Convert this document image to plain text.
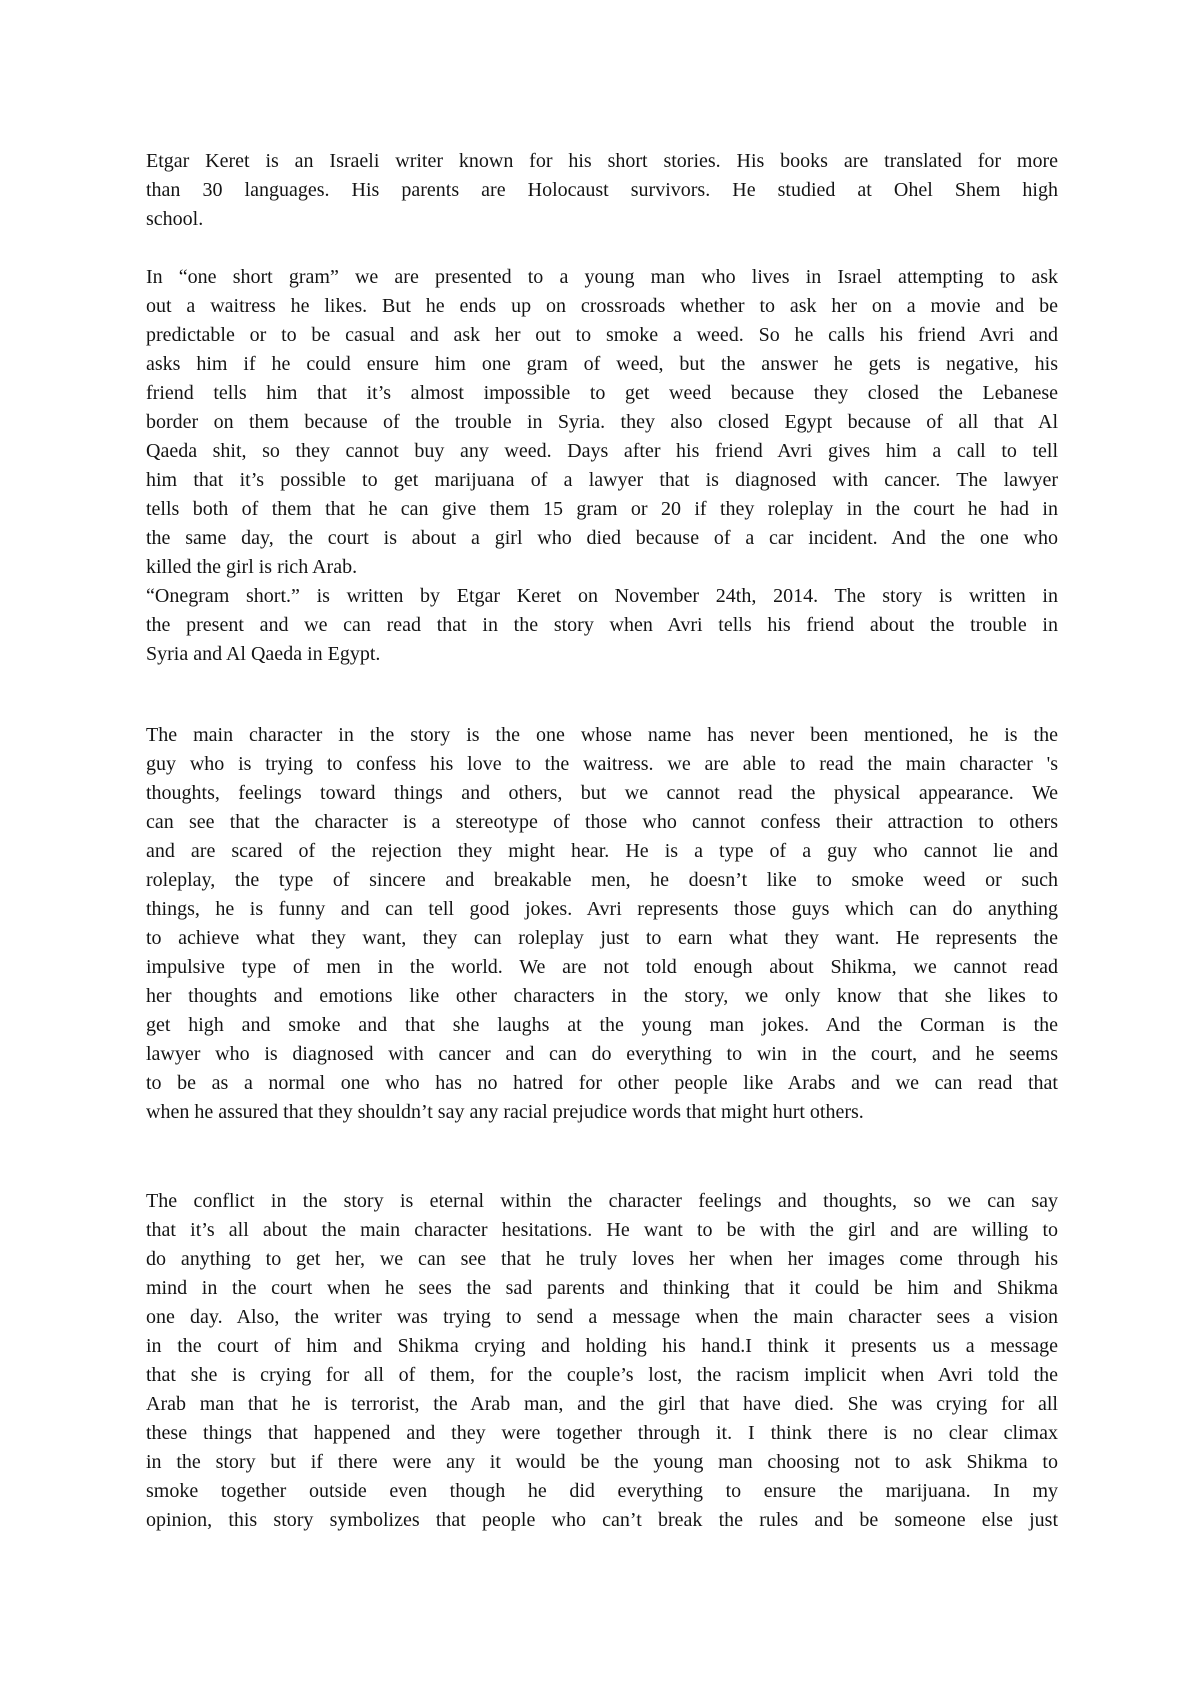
Etgar Keret is an Israeli writer known for his short stories. His books are translated for more
than 30 languages. His parents are Holocaust survivors. He studied at Ohel Shem high
school.
In “one short gram” we are presented to a young man who lives in Israel attempting to ask
out a waitress he likes. But he ends up on crossroads whether to ask her on a movie and be
predictable or to be casual and ask her out to smoke a weed. So he calls his friend Avri and
asks him if he could ensure him one gram of weed, but the answer he gets is negative, his
friend tells him that it’s almost impossible to get weed because they closed the Lebanese
border on them because of the trouble in Syria. they also closed Egypt because of all that Al
Qaeda shit, so they cannot buy any weed. Days after his friend Avri gives him a call to tell
him that it’s possible to get marijuana of a lawyer that is diagnosed with cancer. The lawyer
tells both of them that he can give them 15 gram or 20 if they roleplay in the court he had in
the same day, the court is about a girl who died because of a car incident. And the one who
killed the girl is rich Arab.
“Onegram short.” is written by Etgar Keret on November 24th, 2014. The story is written in
the present and we can read that in the story when Avri tells his friend about the trouble in
Syria and Al Qaeda in Egypt.
The main character in the story is the one whose name has never been mentioned, he is the
guy who is trying to confess his love to the waitress. we are able to read the main character 's
thoughts, feelings toward things and others, but we cannot read the physical appearance. We
can see that the character is a stereotype of those who cannot confess their attraction to others
and are scared of the rejection they might hear. He is a type of a guy who cannot lie and
roleplay, the type of sincere and breakable men, he doesn’t like to smoke weed or such
things, he is funny and can tell good jokes. Avri represents those guys which can do anything
to achieve what they want, they can roleplay just to earn what they want. He represents the
impulsive type of men in the world. We are not told enough about Shikma, we cannot read
her thoughts and emotions like other characters in the story, we only know that she likes to
get high and smoke and that she laughs at the young man jokes. And the Corman is the
lawyer who is diagnosed with cancer and can do everything to win in the court, and he seems
to be as a normal one who has no hatred for other people like Arabs and we can read that
when he assured that they shouldn’t say any racial prejudice words that might hurt others.
The conflict in the story is eternal within the character feelings and thoughts, so we can say
that it’s all about the main character hesitations. He want to be with the girl and are willing to
do anything to get her, we can see that he truly loves her when her images come through his
mind in the court when he sees the sad parents and thinking that it could be him and Shikma
one day. Also, the writer was trying to send a message when the main character sees a vision
in the court of him and Shikma crying and holding his hand.I think it presents us a message
that she is crying for all of them, for the couple’s lost, the racism implicit when Avri told the
Arab man that he is terrorist, the Arab man, and the girl that have died. She was crying for all
these things that happened and they were together through it. I think there is no clear climax
in the story but if there were any it would be the young man choosing not to ask Shikma to
smoke together outside even though he did everything to ensure the marijuana. In my
opinion, this story symbolizes that people who can’t break the rules and be someone else just
